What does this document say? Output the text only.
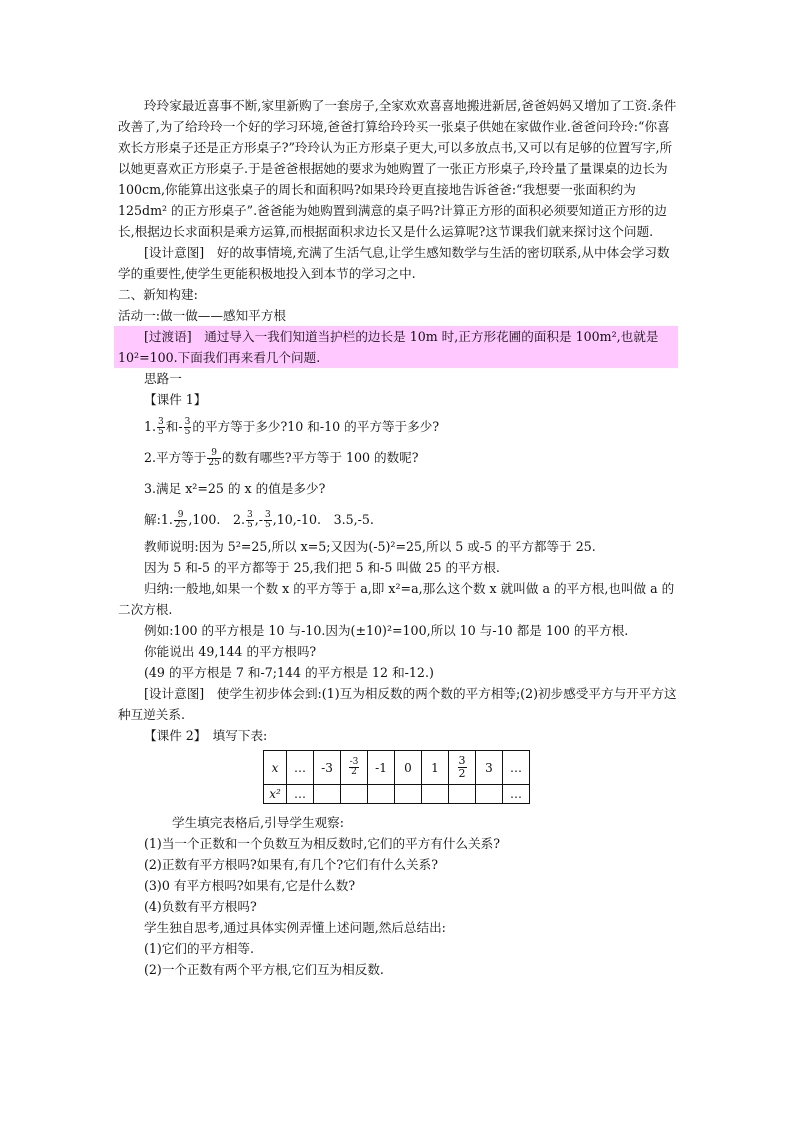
玲玲家最近喜事不断,家里新购了一套房子,全家欢欢喜喜地搬进新居,爸爸妈妈又增加了工资.条件改善了,为了给玲玲一个好的学习环境,爸爸打算给玲玲买一张桌子供她在家做作业.爸爸问玲玲:“你喜欢长方形桌子还是正方形桌子?”玲玲认为正方形桌子更大,可以多放点书,又可以有足够的位置写字,所以她更喜欢正方形桌子.于是爸爸根据她的要求为她购置了一张正方形桌子,玲玲量了量课桌的边长为 100cm,你能算出这张桌子的周长和面积吗?如果玲玲更直接地告诉爸爸:“我想要一张面积约为 125dm² 的正方形桌子”.爸爸能为她购置到满意的桌子吗?计算正方形的面积必须要知道正方形的边长,根据边长求面积是乘方运算,而根据面积求边长又是什么运算呢?这节课我们就来探讨这个问题.

[设计意图]　好的故事情境,充满了生活气息,让学生感知数学与生活的密切联系,从中体会学习数学的重要性,使学生更能积极地投入到本节的学习之中.

二、新知构建:

活动一:做一做——感知平方根

[过渡语]　通过导入一我们知道当护栏的边长是 10m 时,正方形花圃的面积是 100m²,也就是 10²=100.下面我们再来看几个问题.

思路一

【课件 1】

1. $\frac{3}{5}$ 和- $\frac{3}{5}$ 的平方等于多少?10 和-10 的平方等于多少?

2.平方等于 $\frac{9}{25}$ 的数有哪些?平方等于 100 的数呢?

3.满足 x²=25 的 x 的值是多少?

解:1. $\frac{9}{25} ,100$.　2. $\frac{3}{5}$ ,- $\frac{3}{5} ,10,-10$.　3.5,-5.

教师说明:因为 5²=25,所以 x=5;又因为(-5)²=25,所以 5 或-5 的平方都等于 25.

因为 5 和-5 的平方都等于 25,我们把 5 和-5 叫做 25 的平方根.

归纳:一般地,如果一个数 x 的平方等于 a,即 x²=a,那么这个数 x 就叫做 a 的平方根,也叫做 a 的二次方根.

例如:100 的平方根是 10 与-10.因为(±10)²=100,所以 10 与-10 都是 100 的平方根.

你能说出 49,144 的平方根吗?

(49 的平方根是 7 和-7;144 的平方根是 12 和-12.)

[设计意图]　使学生初步体会到:(1)互为相反数的两个数的平方相等;(2)初步感受平方与开平方这种互逆关系.

【课件 2】　填写下表:

x	…	-3	$\frac{-3}{2}$	-1	0	1	$\frac{3}{2}$	3	…
x²	…								…

学生填完表格后,引导学生观察:

(1)当一个正数和一个负数互为相反数时,它们的平方有什么关系?

(2)正数有平方根吗?如果有,有几个?它们有什么关系?

(3)0 有平方根吗?如果有,它是什么数?

(4)负数有平方根吗?

学生独自思考,通过具体实例弄懂上述问题,然后总结出:

(1)它们的平方相等.

(2)一个正数有两个平方根,它们互为相反数.
